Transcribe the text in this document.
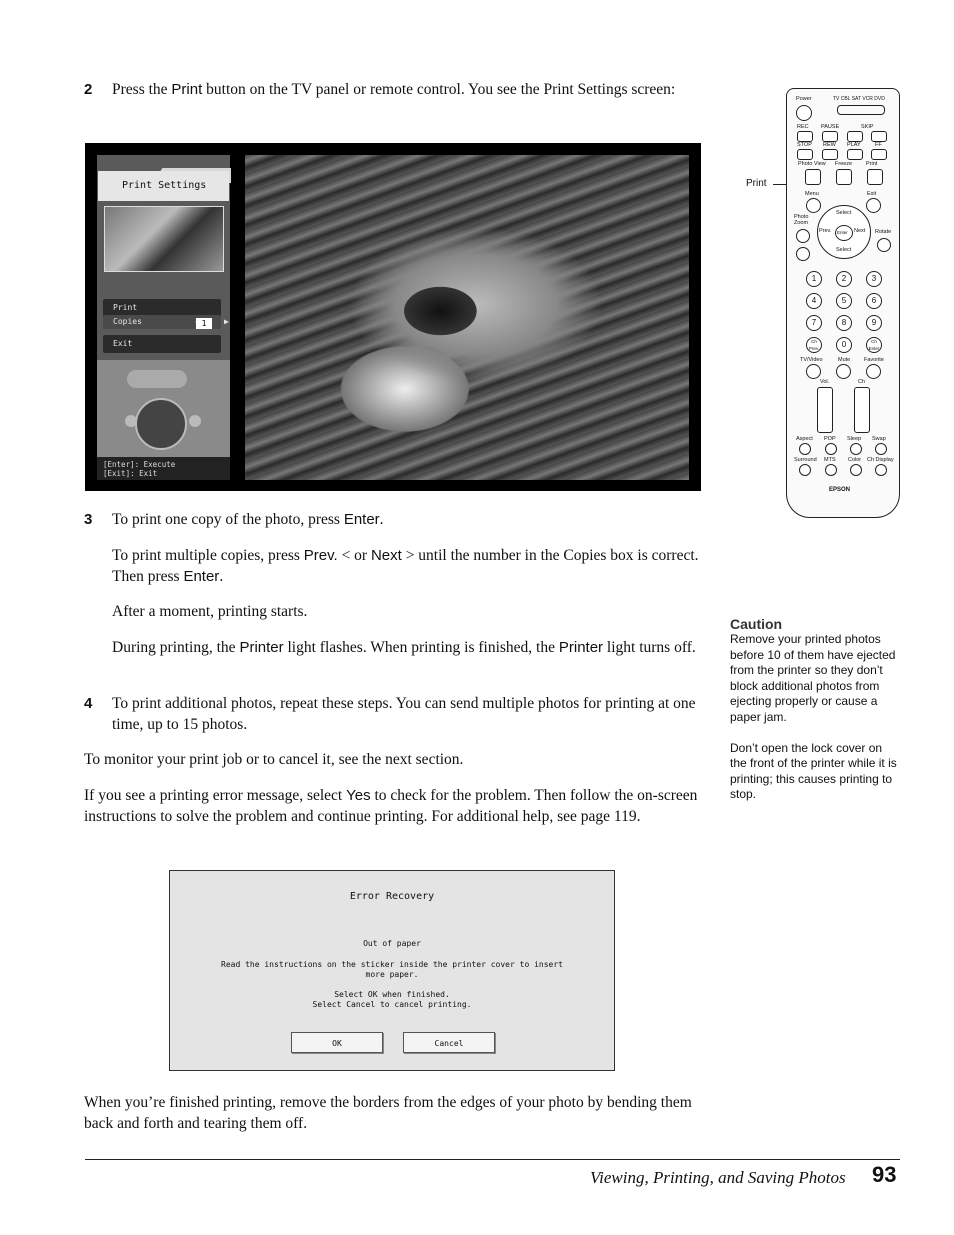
2 Press the Print button on the TV panel or remote control. You see the Print Settings screen:
Print Settings
Print
Copies	1	▶
Exit
[Enter]: Execute
[Exit]: Exit
Print
Power	TV CBL SAT VCR DVD
REC PAUSE	SKIP
STOP REW PLAY	FF
Photo View Freeze	Print
Menu	Exit
Photo Zoom
Rotate
Select
Prev. Enter Next
Select
1	2	3
4	5	6
7	8	9
Ch Prev.	0	Ch Enter
TV/Video	Mute	Favorite
Vol.	Ch
Aspect POP Sleep Swap
Surround MTS Color Ch Display
EPSON
3 To print one copy of the photo, press Enter.
To print multiple copies, press Prev. < or Next > until the number in the Copies box is correct. Then press Enter.
After a moment, printing starts.
During printing, the Printer light flashes. When printing is finished, the Printer light turns off.
4 To print additional photos, repeat these steps. You can send multiple photos for printing at one time, up to 15 photos.
To monitor your print job or to cancel it, see the next section.
If you see a printing error message, select Yes to check for the problem. Then follow the on-screen instructions to solve the problem and continue printing. For additional help, see page 119.
Caution
Remove your printed photos before 10 of them have ejected from the printer so they don’t block additional photos from ejecting properly or cause a paper jam.
Don’t open the lock cover on the front of the printer while it is printing; this causes printing to stop.
Error Recovery
Out of paper
Read the instructions on the sticker inside the printer cover to insert
more paper.
Select OK when finished.
Select Cancel to cancel printing.
OK	Cancel
When you’re finished printing, remove the borders from the edges of your photo by bending them back and forth and tearing them off.
Viewing, Printing, and Saving Photos 93
